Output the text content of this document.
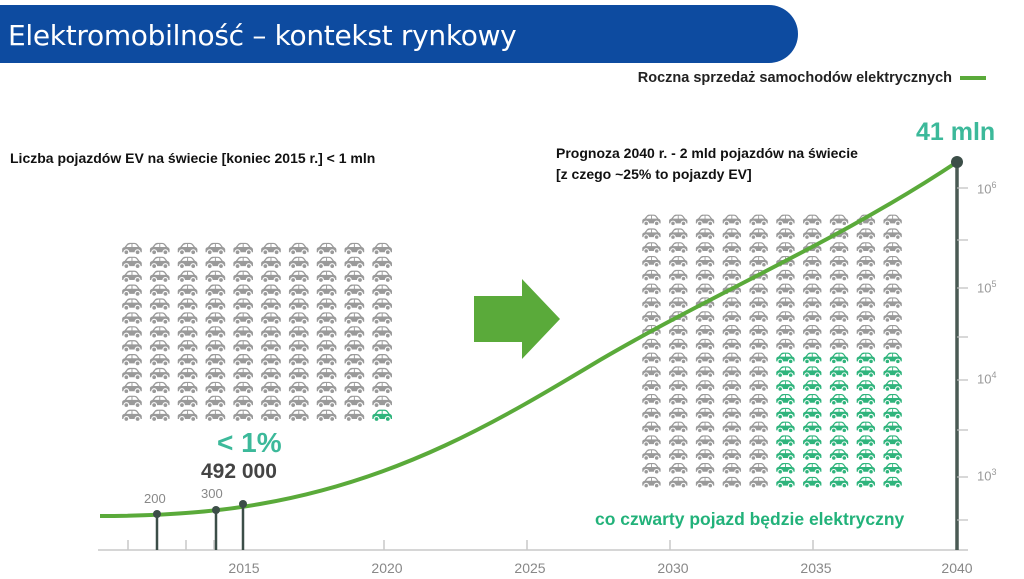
Elektromobilność – kontekst rynkowy
Roczna sprzedaż samochodów elektrycznych
Liczba pojazdów EV na świecie [koniec 2015 r.] < 1 mln	Prognoza 2040 r. - 2 mld pojazdów na świecie
[z czego ~25% to pojazdy EV]
41 mln
< 1%
492 000
200	300
co czwarty pojazd będzie elektryczny
2015	2020	2025	2030	2035	2040
$10^6$
$10^5$
$10^4$
$10^3$
